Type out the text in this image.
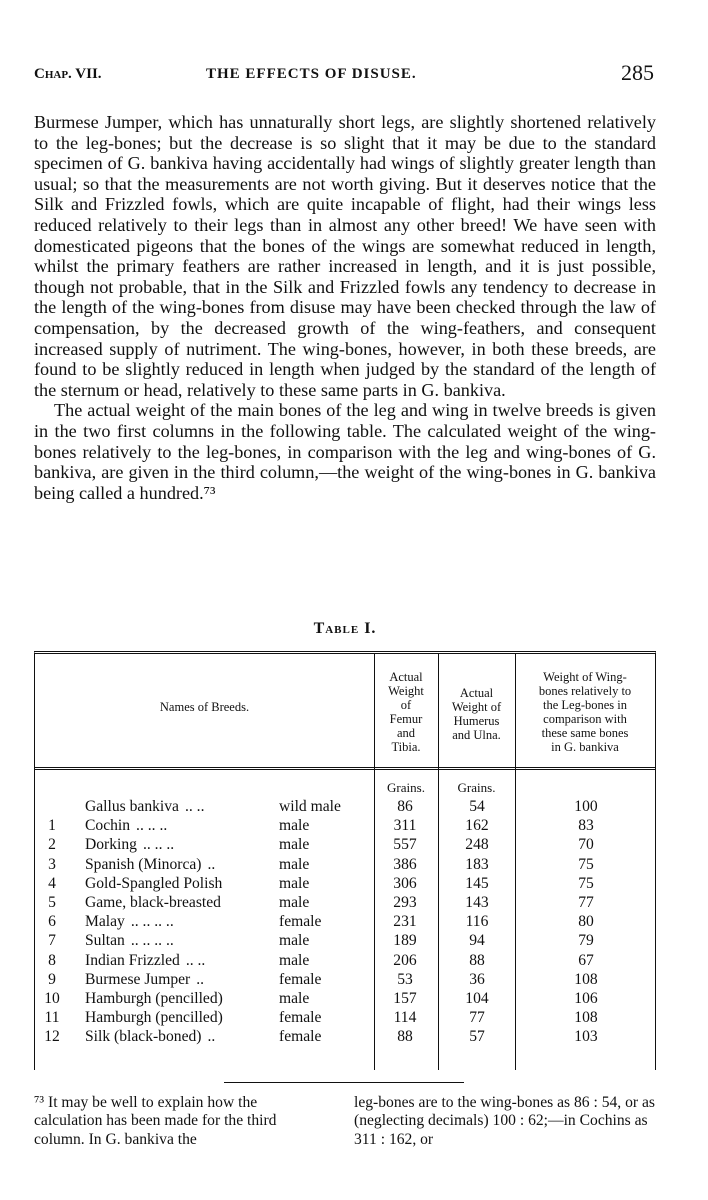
Chap. VII.	THE EFFECTS OF DISUSE.	285

Burmese Jumper, which has unnaturally short legs, are slightly shortened relatively to the leg-bones; but the decrease is so slight that it may be due to the standard specimen of G. bankiva having accidentally had wings of slightly greater length than usual; so that the measurements are not worth giving. But it deserves notice that the Silk and Frizzled fowls, which are quite incapable of flight, had their wings less reduced relatively to their legs than in almost any other breed! We have seen with domesticated pigeons that the bones of the wings are somewhat reduced in length, whilst the primary feathers are rather increased in length, and it is just possible, though not probable, that in the Silk and Frizzled fowls any tendency to decrease in the length of the wing-bones from disuse may have been checked through the law of compensation, by the decreased growth of the wing-feathers, and consequent increased supply of nutriment. The wing-bones, however, in both these breeds, are found to be slightly reduced in length when judged by the standard of the length of the sternum or head, relatively to these same parts in G. bankiva.

The actual weight of the main bones of the leg and wing in twelve breeds is given in the two first columns in the following table. The calculated weight of the wing-bones relatively to the leg-bones, in comparison with the leg and wing-bones of G. bankiva, are given in the third column,—the weight of the wing-bones in G. bankiva being called a hundred.⁷³

Table I.
Names of Breeds.
Actual
Weight
of
Femur
and
Tibia.
Actual
Weight of
Humerus
and Ulna.
Weight of Wing-
bones relatively to
the Leg-bones in
comparison with
these same bones
in G. bankiva
Grains.	Grains.
Gallus bankiva	wild male	86	54	100
.. ..
1	Cochin	male	311	162	83
.. .. ..
2	Dorking	male	557	248	70
.. .. ..
3	Spanish (Minorca)	male	386	183	75
..
4	Gold-Spangled Polish	male	306	145	75
5	Game, black-breasted	male	293	143	77
6	Malay	female	231	116	80
.. .. .. ..
7	Sultan	male	189	94	79
.. .. .. ..
8	Indian Frizzled	male	206	88	67
.. ..
9	Burmese Jumper	female	53	36	108
..
10	Hamburgh (pencilled)	male	157	104	106
11	Hamburgh (pencilled)	female	114	77	108
12	Silk (black-boned)	female	88	57	103
..

⁷³ It may be well to explain how the calculation has been made for the third column. In G. bankiva the

leg-bones are to the wing-bones as 86 : 54, or as (neglecting decimals) 100 : 62;—in Cochins as 311 : 162, or
